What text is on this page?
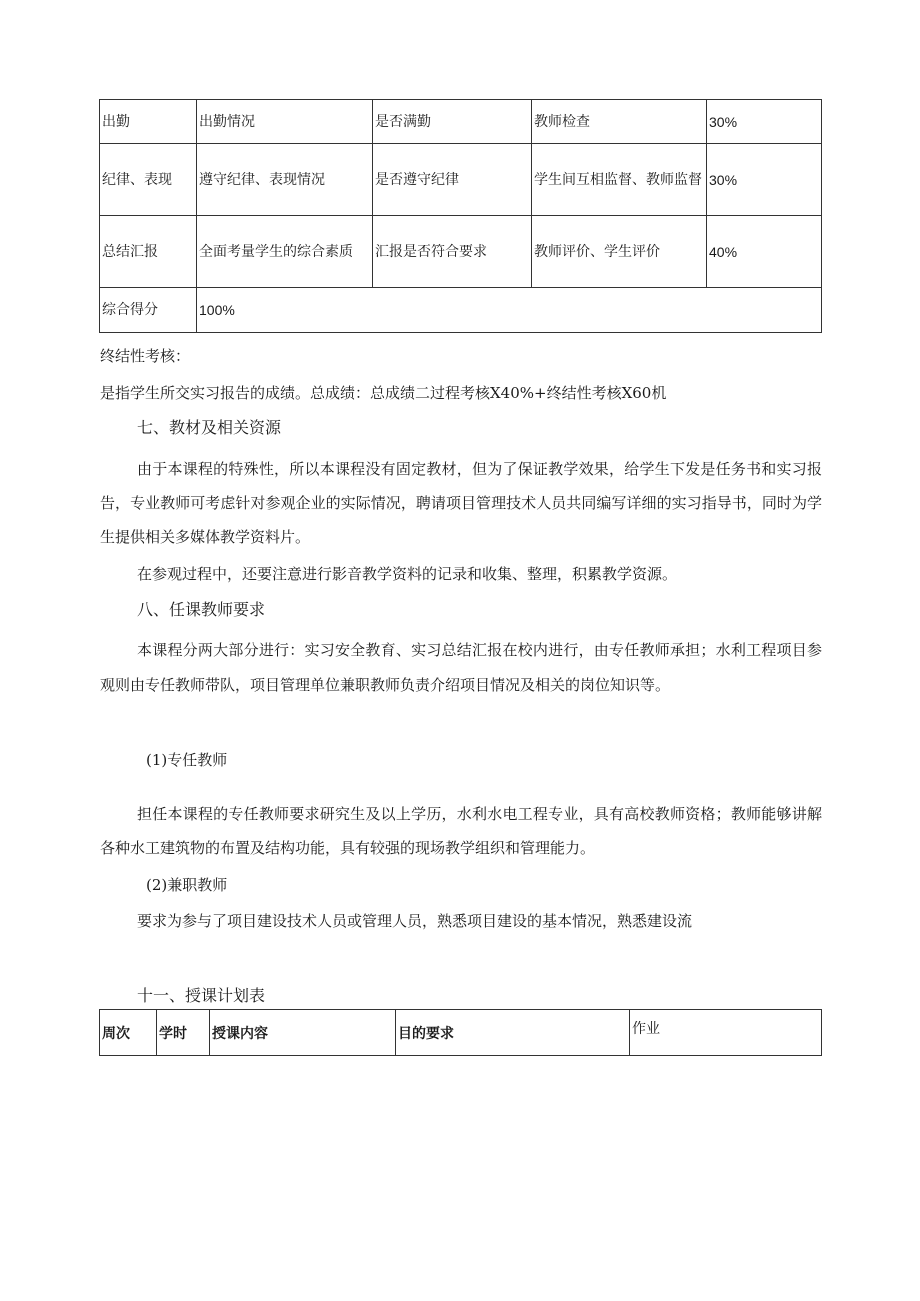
出勤	出勤情况	是否满勤	教师检查	30%
纪律、表现	遵守纪律、表现情况	是否遵守纪律	学生间互相监督、教师监督	30%
总结汇报	全面考量学生的综合素质	汇报是否符合要求	教师评价、学生评价	40%
综合得分	100%			

终结性考核：

是指学生所交实习报告的成绩。总成绩：总成绩二过程考核X40%+终结性考核X60机

七、教材及相关资源

由于本课程的特殊性，所以本课程没有固定教材，但为了保证教学效果，给学生下发是任务书和实习报告，专业教师可考虑针对参观企业的实际情况，聘请项目管理技术人员共同编写详细的实习指导书，同时为学生提供相关多媒体教学资料片。

在参观过程中，还要注意进行影音教学资料的记录和收集、整理，积累教学资源。

八、任课教师要求

本课程分两大部分进行：实习安全教育、实习总结汇报在校内进行，由专任教师承担；水利工程项目参观则由专任教师带队，项目管理单位兼职教师负责介绍项目情况及相关的岗位知识等。

(1)专任教师

担任本课程的专任教师要求研究生及以上学历，水利水电工程专业，具有高校教师资格；教师能够讲解各种水工建筑物的布置及结构功能，具有较强的现场教学组织和管理能力。

(2)兼职教师

要求为参与了项目建设技术人员或管理人员，熟悉项目建设的基本情况，熟悉建设流

十一、授课计划表

周次	学时	授课内容	目的要求	作业
